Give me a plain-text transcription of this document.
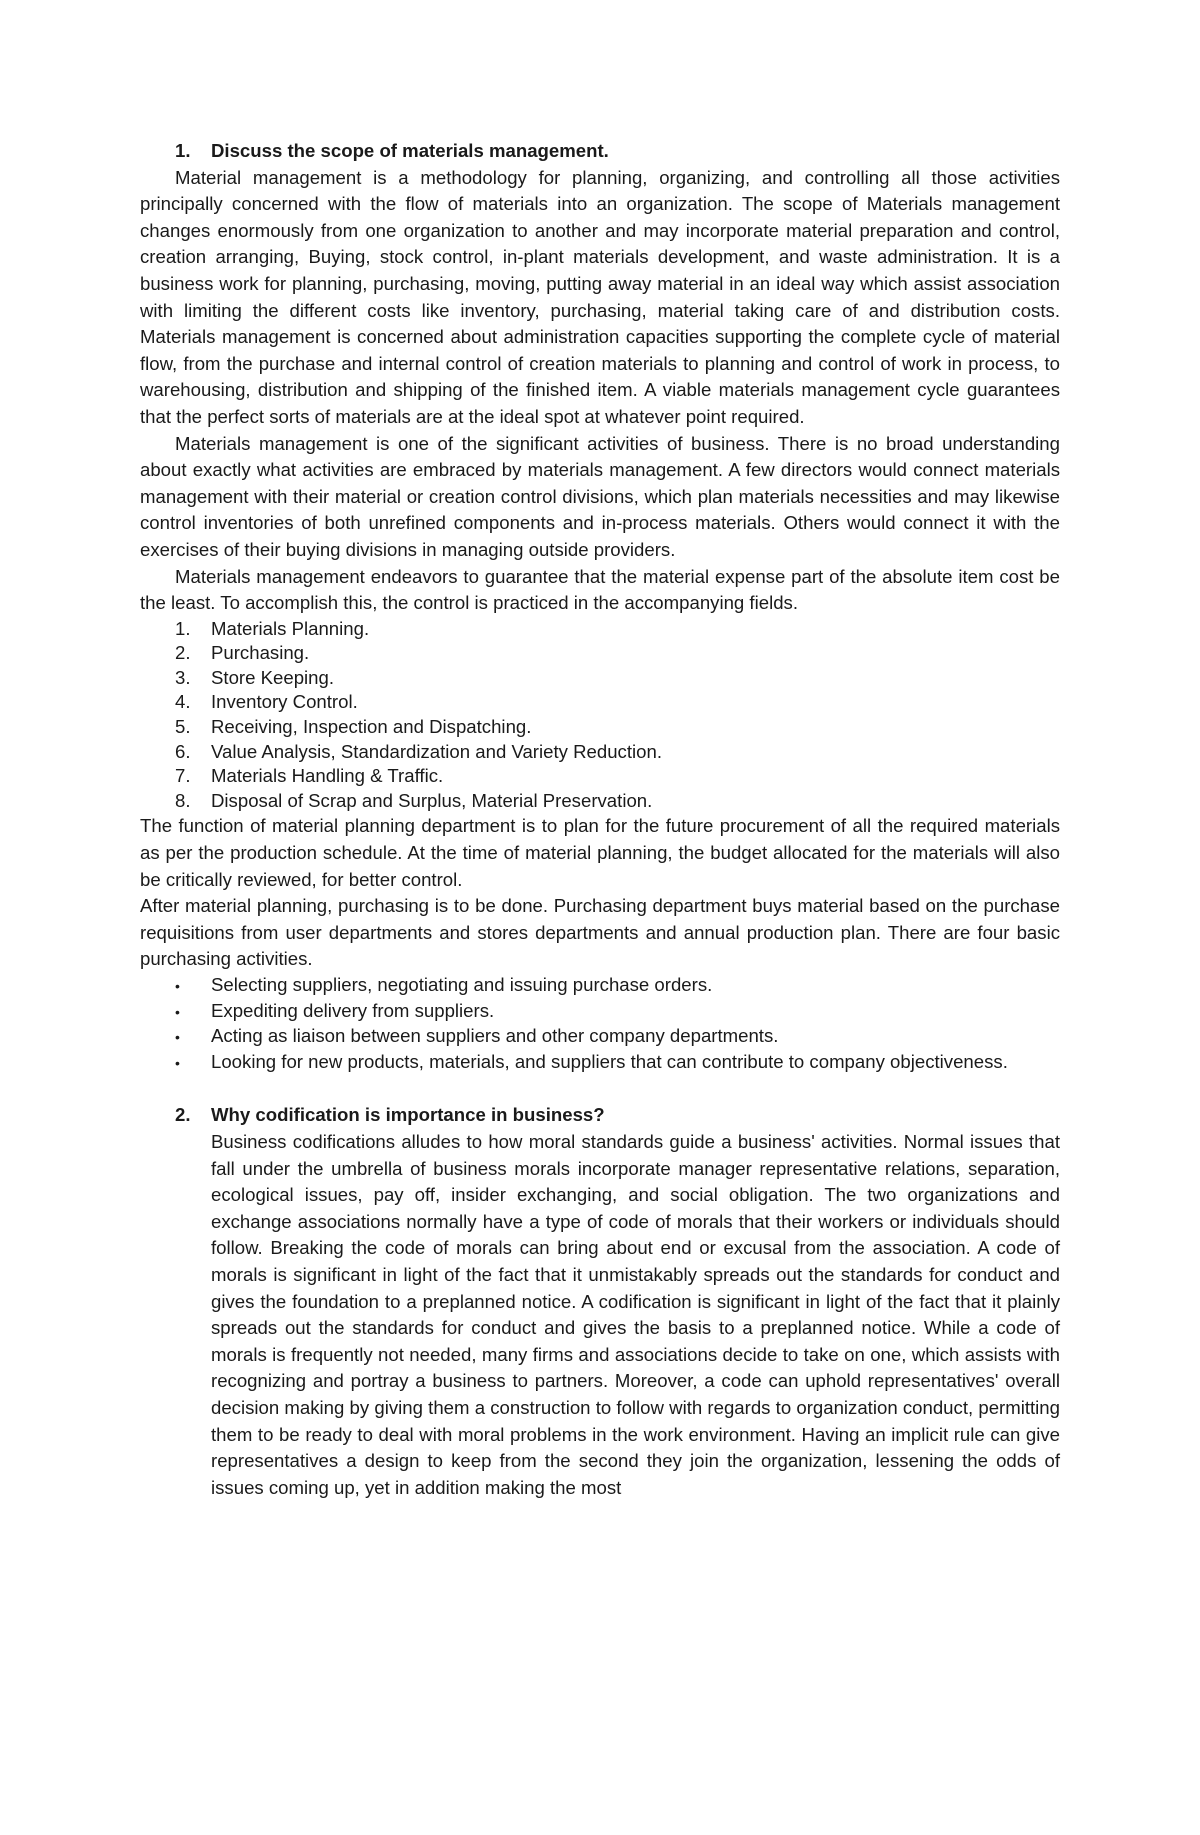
1.	Discuss the scope of materials management.

Material management is a methodology for planning, organizing, and controlling all those activities principally concerned with the flow of materials into an organization. The scope of Materials management changes enormously from one organization to another and may incorporate material preparation and control, creation arranging, Buying, stock control, in-plant materials development, and waste administration. It is a business work for planning, purchasing, moving, putting away material in an ideal way which assist association with limiting the different costs like inventory, purchasing, material taking care of and distribution costs. Materials management is concerned about administration capacities supporting the complete cycle of material flow, from the purchase and internal control of creation materials to planning and control of work in process, to warehousing, distribution and shipping of the finished item. A viable materials management cycle guarantees that the perfect sorts of materials are at the ideal spot at whatever point required.

Materials management is one of the significant activities of business. There is no broad understanding about exactly what activities are embraced by materials management. A few directors would connect materials management with their material or creation control divisions, which plan materials necessities and may likewise control inventories of both unrefined components and in-process materials. Others would connect it with the exercises of their buying divisions in managing outside providers.

Materials management endeavors to guarantee that the material expense part of the absolute item cost be the least. To accomplish this, the control is practiced in the accompanying fields.

1.	Materials Planning.
2.	Purchasing.
3.	Store Keeping.
4.	Inventory Control.
5.	Receiving, Inspection and Dispatching.
6.	Value Analysis, Standardization and Variety Reduction.
7.	Materials Handling & Traffic.
8.	Disposal of Scrap and Surplus, Material Preservation.

The function of material planning department is to plan for the future procurement of all the required materials as per the production schedule. At the time of material planning, the budget allocated for the materials will also be critically reviewed, for better control.

After material planning, purchasing is to be done. Purchasing department buys material based on the purchase requisitions from user departments and stores departments and annual production plan. There are four basic purchasing activities.

•	Selecting suppliers, negotiating and issuing purchase orders.
•	Expediting delivery from suppliers.
•	Acting as liaison between suppliers and other company departments.
•	Looking for new products, materials, and suppliers that can contribute to company objectiveness.
2.	Why codification is importance in business?

Business codifications alludes to how moral standards guide a business' activities. Normal issues that fall under the umbrella of business morals incorporate manager representative relations, separation, ecological issues, pay off, insider exchanging, and social obligation. The two organizations and exchange associations normally have a type of code of morals that their workers or individuals should follow. Breaking the code of morals can bring about end or excusal from the association. A code of morals is significant in light of the fact that it unmistakably spreads out the standards for conduct and gives the foundation to a preplanned notice. A codification is significant in light of the fact that it plainly spreads out the standards for conduct and gives the basis to a preplanned notice. While a code of morals is frequently not needed, many firms and associations decide to take on one, which assists with recognizing and portray a business to partners. Moreover, a code can uphold representatives' overall decision making by giving them a construction to follow with regards to organization conduct, permitting them to be ready to deal with moral problems in the work environment. Having an implicit rule can give representatives a design to keep from the second they join the organization, lessening the odds of issues coming up, yet in addition making the most
